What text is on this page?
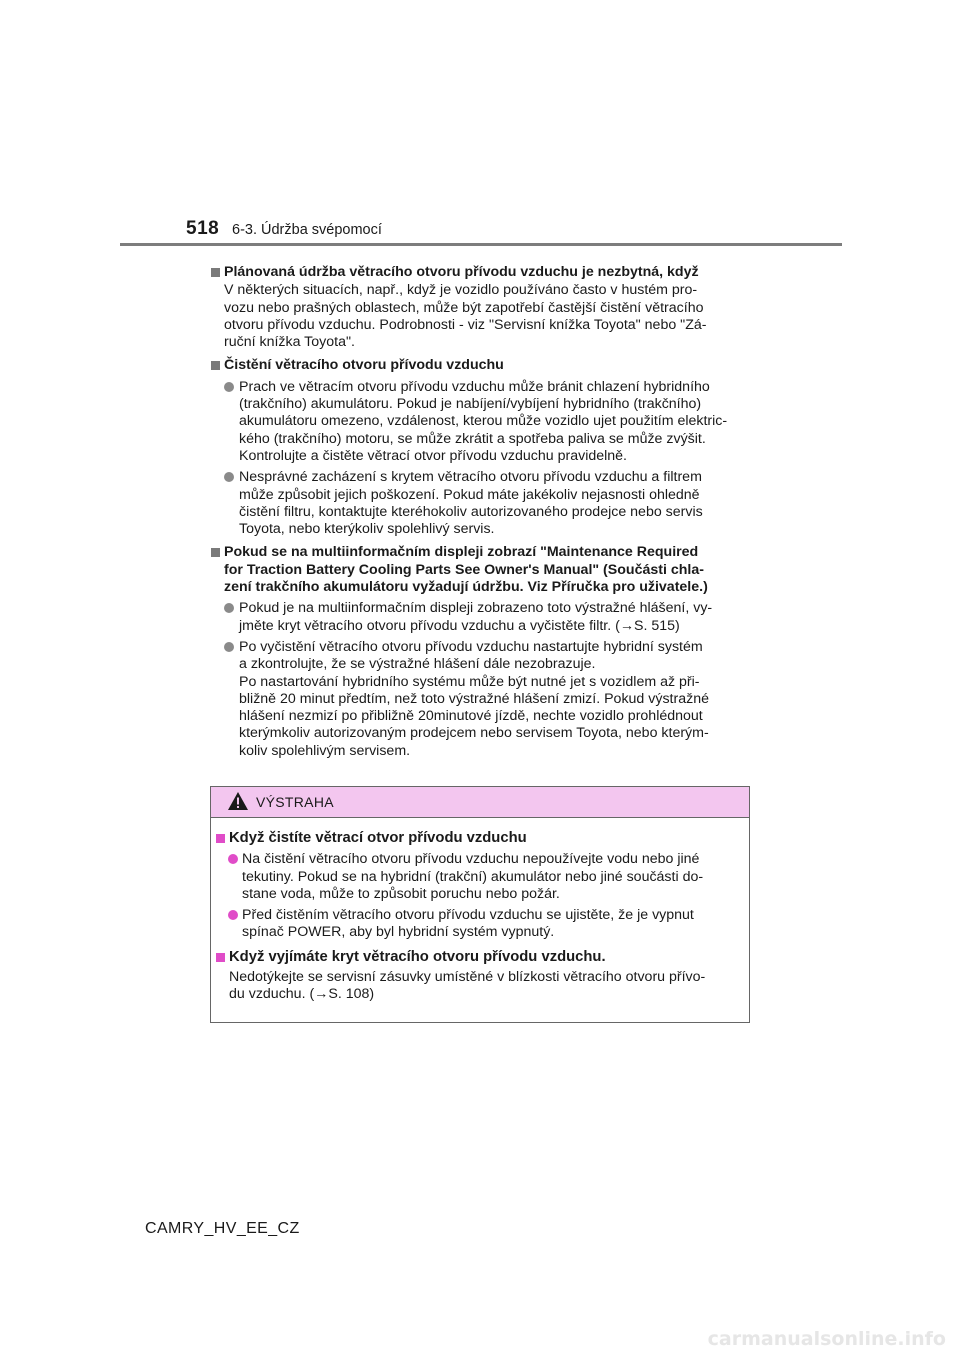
518 6-3. Údržba svépomocí
Plánovaná údržba větracího otvoru přívodu vzduchu je nezbytná, když
V některých situacích, např., když je vozidlo používáno často v hustém pro-
vozu nebo prašných oblastech, může být zapotřebí častější čistění větracího
otvoru přívodu vzduchu. Podrobnosti - viz "Servisní knížka Toyota" nebo "Zá-
ruční knížka Toyota".
Čistění větracího otvoru přívodu vzduchu
Prach ve větracím otvoru přívodu vzduchu může bránit chlazení hybridního
(trakčního) akumulátoru. Pokud je nabíjení/vybíjení hybridního (trakčního)
akumulátoru omezeno, vzdálenost, kterou může vozidlo ujet použitím elektric-
kého (trakčního) motoru, se může zkrátit a spotřeba paliva se může zvýšit.
Kontrolujte a čistěte větrací otvor přívodu vzduchu pravidelně.
Nesprávné zacházení s krytem větracího otvoru přívodu vzduchu a filtrem
může způsobit jejich poškození. Pokud máte jakékoliv nejasnosti ohledně
čistění filtru, kontaktujte kteréhokoliv autorizovaného prodejce nebo servis
Toyota, nebo kterýkoliv spolehlivý servis.
Pokud se na multiinformačním displeji zobrazí "Maintenance Required
for Traction Battery Cooling Parts See Owner's Manual" (Součásti chla-
zení trakčního akumulátoru vyžadují údržbu. Viz Příručka pro uživatele.)
Pokud je na multiinformačním displeji zobrazeno toto výstražné hlášení, vy-
jměte kryt větracího otvoru přívodu vzduchu a vyčistěte filtr. (→S. 515)
Po vyčistění větracího otvoru přívodu vzduchu nastartujte hybridní systém
a zkontrolujte, že se výstražné hlášení dále nezobrazuje.
Po nastartování hybridního systému může být nutné jet s vozidlem až při-
bližně 20 minut předtím, než toto výstražné hlášení zmizí. Pokud výstražné
hlášení nezmizí po přibližně 20minutové jízdě, nechte vozidlo prohlédnout
kterýmkoliv autorizovaným prodejcem nebo servisem Toyota, nebo kterým-
koliv spolehlivým servisem.
VÝSTRAHA
Když čistíte větrací otvor přívodu vzduchu
Na čistění větracího otvoru přívodu vzduchu nepoužívejte vodu nebo jiné
tekutiny. Pokud se na hybridní (trakční) akumulátor nebo jiné součásti do-
stane voda, může to způsobit poruchu nebo požár.
Před čistěním větracího otvoru přívodu vzduchu se ujistěte, že je vypnut
spínač POWER, aby byl hybridní systém vypnutý.
Když vyjímáte kryt větracího otvoru přívodu vzduchu.
Nedotýkejte se servisní zásuvky umístěné v blízkosti větracího otvoru přívo-
du vzduchu. (→S. 108)
CAMRY_HV_EE_CZ
carmanualsonline.info
